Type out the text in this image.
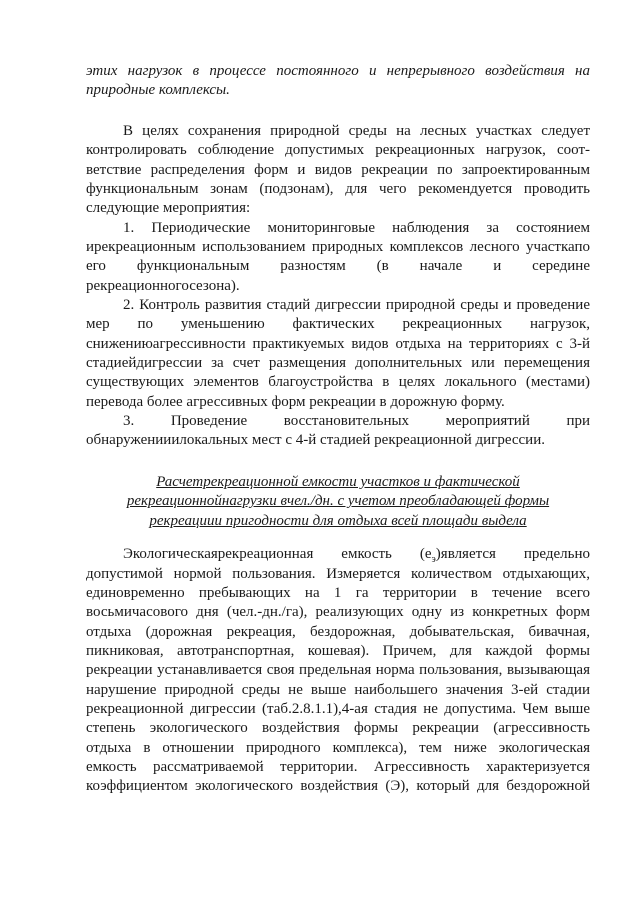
этих нагрузок в процессе постоянного и непрерывного воздействия на
природные комплексы.
В целях сохранения природной среды на лесных участках следует
контролировать соблюдение допустимых рекреационных нагрузок, соот-
ветствие распределения форм и видов рекреации по запроектированным
функциональным зонам (подзонам), для чего рекомендуется проводить
следующие мероприятия:
1. Периодические мониторинговые наблюдения за состоянием
ирекреационным использованием природных комплексов лесного участкапо
его функциональным разностям (в начале и середине
рекреационногосезона).
2. Контроль развития стадий дигрессии природной среды и проведение
мер по уменьшению фактических рекреационных нагрузок,
снижениюагрессивности практикуемых видов отдыха на территориях с 3-й
стадиейдигрессии за счет размещения дополнительных или перемещения
существующих элементов благоустройства в целях локального (местами)
перевода более агрессивных форм рекреации в дорожную форму.
3. Проведение восстановительных мероприятий при
обнаруженииилокальных мест с 4-й стадией рекреационной дигрессии.
Расчетрекреационной емкости участков и фактической
рекреационнойнагрузки вчел./дн. с учетом преобладающей формы
рекреациии пригодности для отдыха всей площади выдела
Экологическаярекреационная емкость $(е_э)является$ предельно
допустимой нормой пользования. Измеряется количеством отдыхающих,
единовременно пребывающих на 1 га территории в течение всего
восьмичасового дня (чел.-дн./га), реализующих одну из конкретных форм
отдыха (дорожная рекреация, бездорожная, добывательская, бивачная,
пикниковая, автотранспортная, кошевая). Причем, для каждой формы
рекреации устанавливается своя предельная норма пользования, вызывающая
нарушение природной среды не выше наибольшего значения 3-ей стадии
рекреационной дигрессии (таб.2.8.1.1),4-ая стадия не допустима. Чем выше
степень экологического воздействия формы рекреации (агрессивность
отдыха в отношении природного комплекса), тем ниже экологическая
емкость рассматриваемой территории. Агрессивность характеризуется
коэффициентом экологического воздействия (Э), который для бездорожной
